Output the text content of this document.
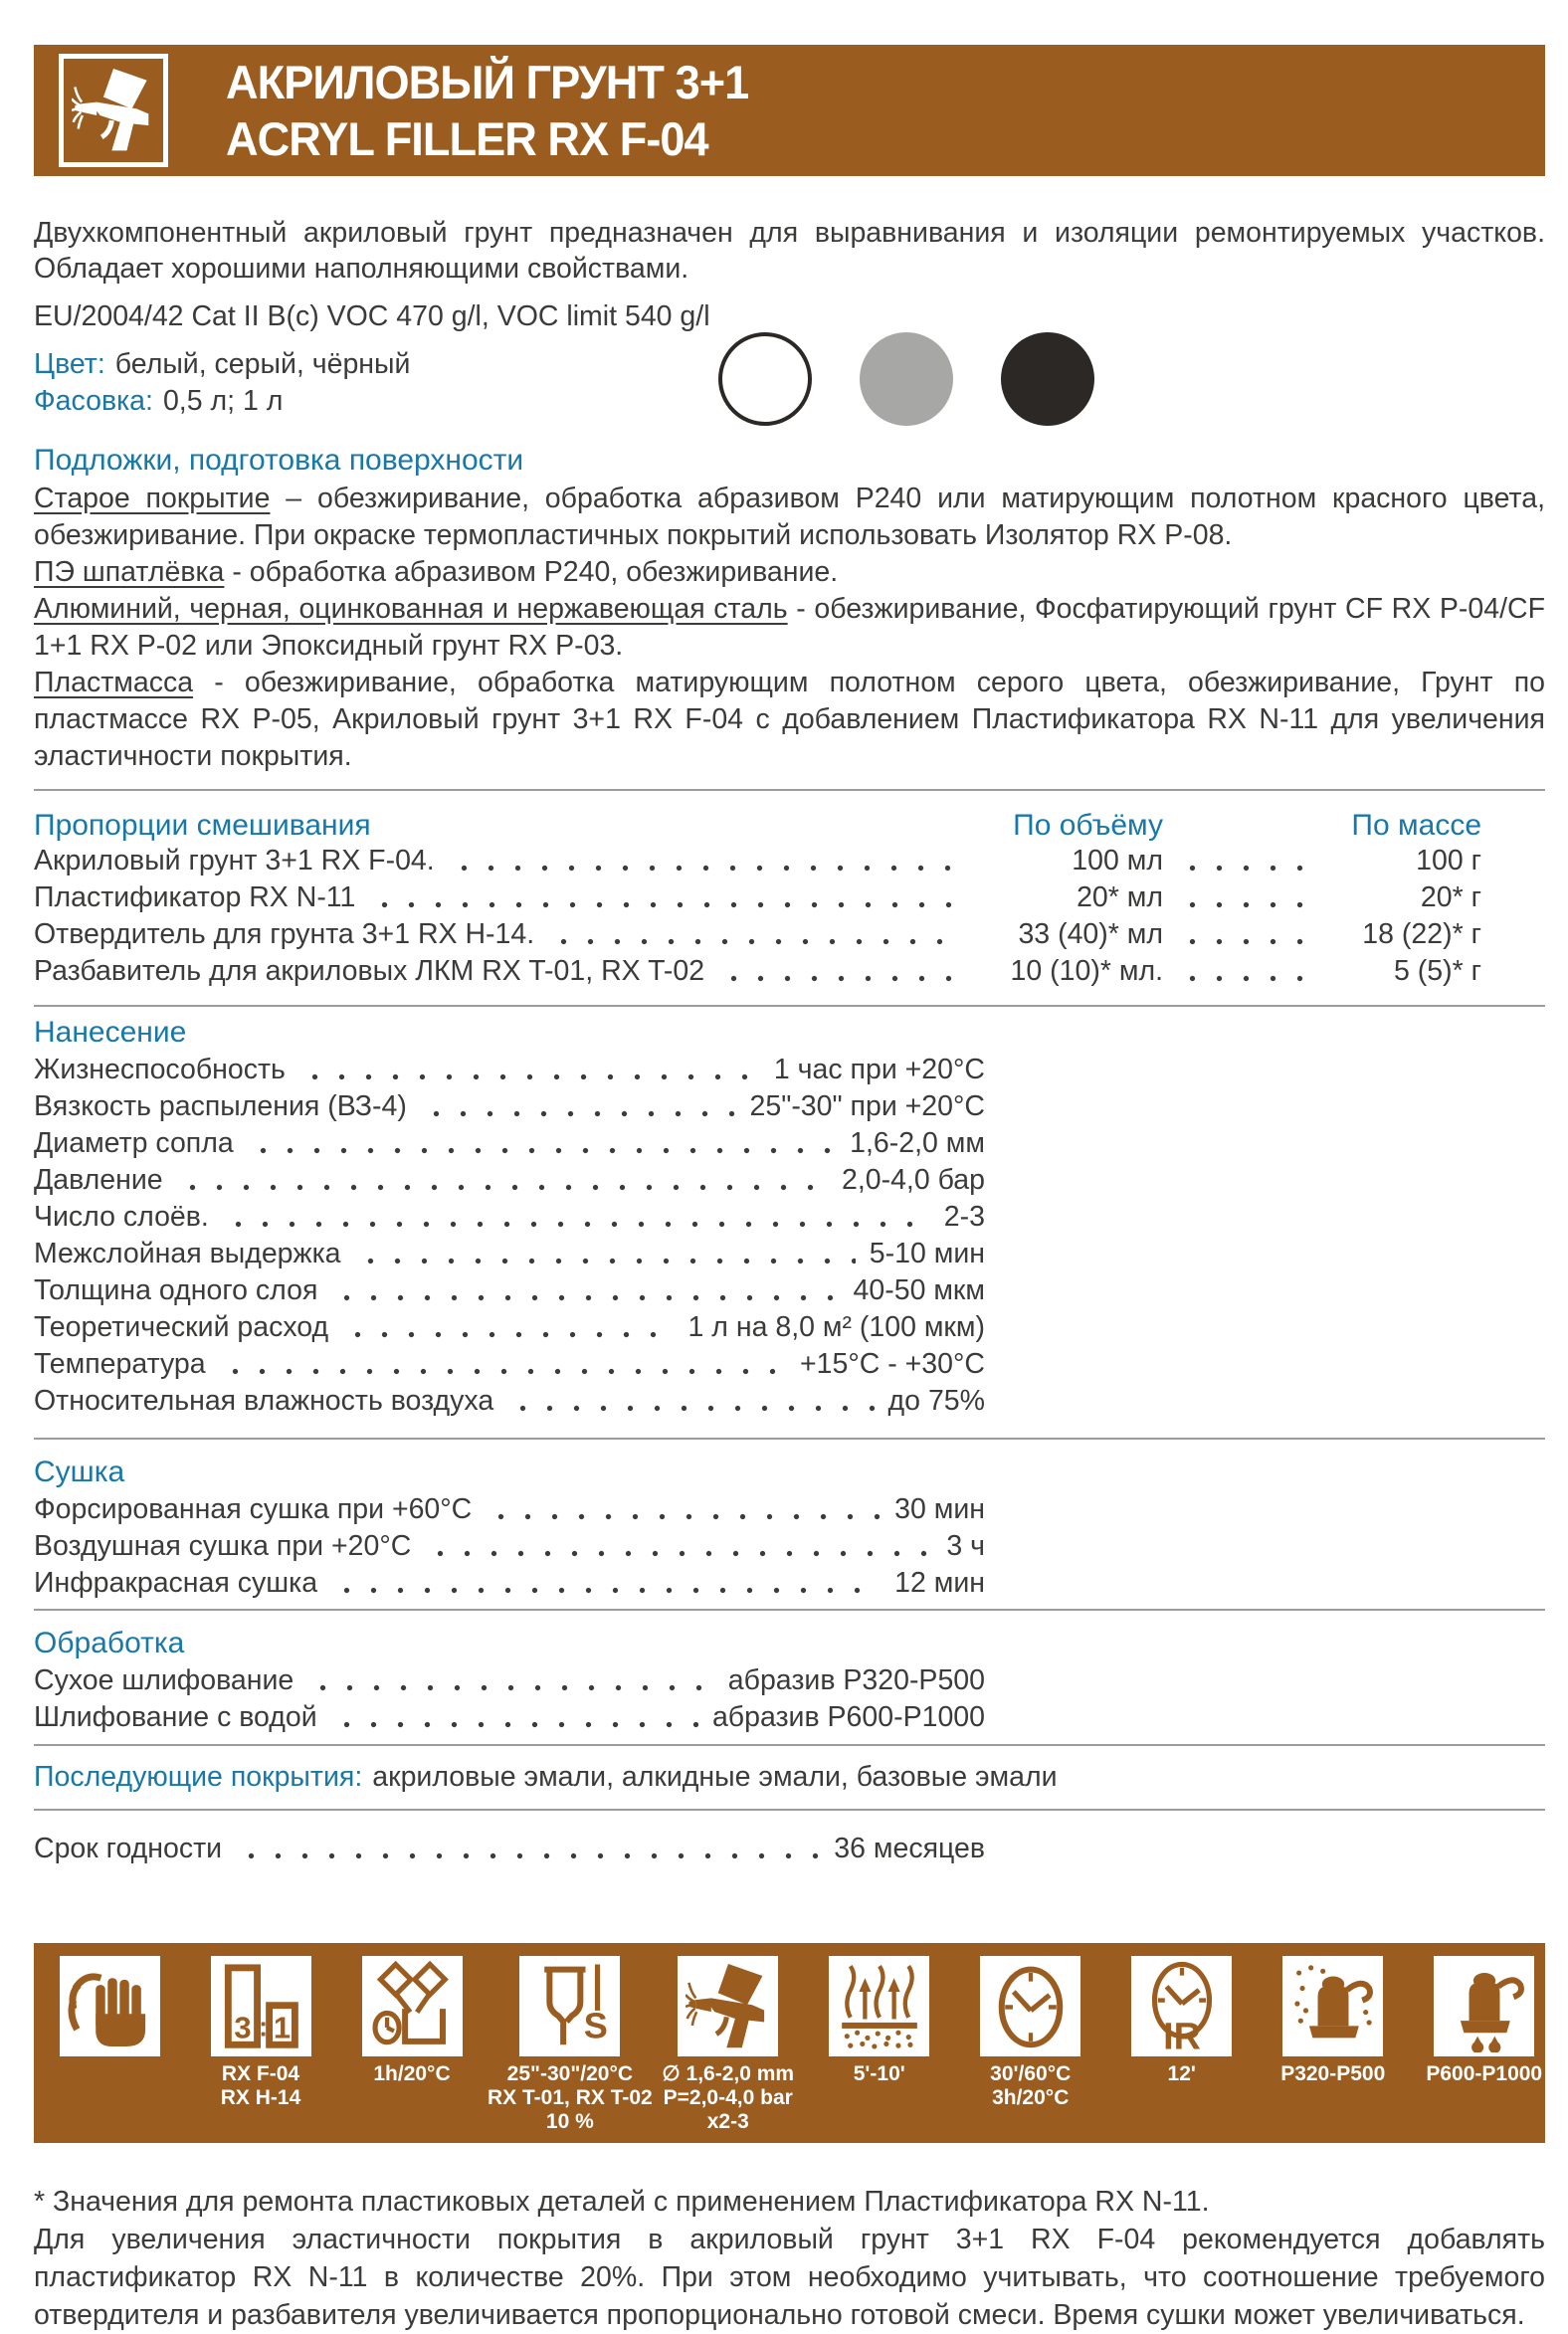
АКРИЛОВЫЙ ГРУНТ 3+1
ACRYL FILLER RX F-04

Двухкомпонентный акриловый грунт предназначен для выравнивания и изоляции ремонтируемых участков. Обладает хорошими наполняющими свойствами.

EU/2004/42 Cat II B(c) VOC 470 g/l, VOC limit 540 g/l

Цвет: белый, серый, чёрный

Фасовка: 0,5 л; 1 л

Подложки, подготовка поверхности

Старое покрытие – обезжиривание, обработка абразивом Р240 или матирующим полотном красного цвета, обезжиривание. При окраске термопластичных покрытий использовать Изолятор RX P-08.

ПЭ шпатлёвка - обработка абразивом Р240, обезжиривание.

Алюминий, черная, оцинкованная и нержавеющая сталь - обезжиривание, Фосфатирующий грунт CF RX P-04/CF 1+1 RX P-02 или Эпоксидный грунт RX P-03.

Пластмасса - обезжиривание, обработка матирующим полотном серого цвета, обезжиривание, Грунт по пластмассе RX P-05, Акриловый грунт 3+1 RX F-04 с добавлением Пластификатора RX N-11 для увеличения эластичности покрытия.

Пропорции смешивания	По объёму	По массе
Акриловый грунт 3+1 RX F-04.	100 мл	100 г
Пластификатор RX N-11	20* мл	20* г
Отвердитель для грунта 3+1 RX H-14.	33 (40)* мл	18 (22)* г
Разбавитель для акриловых ЛКМ RX T-01, RX T-02	10 (10)* мл.	5 (5)* г
Нанесение
Жизнеспособность	1 час при +20°C
Вязкость распыления (ВЗ-4)	25"-30" при +20°C
Диаметр сопла	1,6-2,0 мм
Давление	2,0-4,0 бар
Число слоёв.	2-3
Межслойная выдержка	5-10 мин
Толщина одного слоя	40-50 мкм
Теоретический расход	1 л на 8,0 м² (100 мкм)
Температура	+15°C - +30°C
Относительная влажность воздуха	до 75%
Сушка
Форсированная сушка при +60°C	30 мин
Воздушная сушка при +20°C	3 ч
Инфракрасная сушка	12 мин
Обработка
Сухое шлифование	абразив P320-P500
Шлифование с водой	абразив P600-P1000

Последующие покрытия: акриловые эмали, алкидные эмали, базовые эмали

Срок годности	36 месяцев
3 : 1
RX F-04
RX H-14
1h/20°C
S
25"-30"/20°C
RX T-01, RX T-02
10 %
∅ 1,6-2,0 mm
P=2,0-4,0 bar
x2-3
5'-10'	30'/60°C
3h/20°C
IR
12'	P320-P500 P600-P1000

* Значения для ремонта пластиковых деталей с применением Пластификатора RX N-11.

Для увеличения эластичности покрытия в акриловый грунт 3+1 RX F-04 рекомендуется добавлять пластификатор RX N-11 в количестве 20%. При этом необходимо учитывать, что соотношение требуемого отвердителя и разбавителя увеличивается пропорционально готовой смеси. Время сушки может увеличиваться.
